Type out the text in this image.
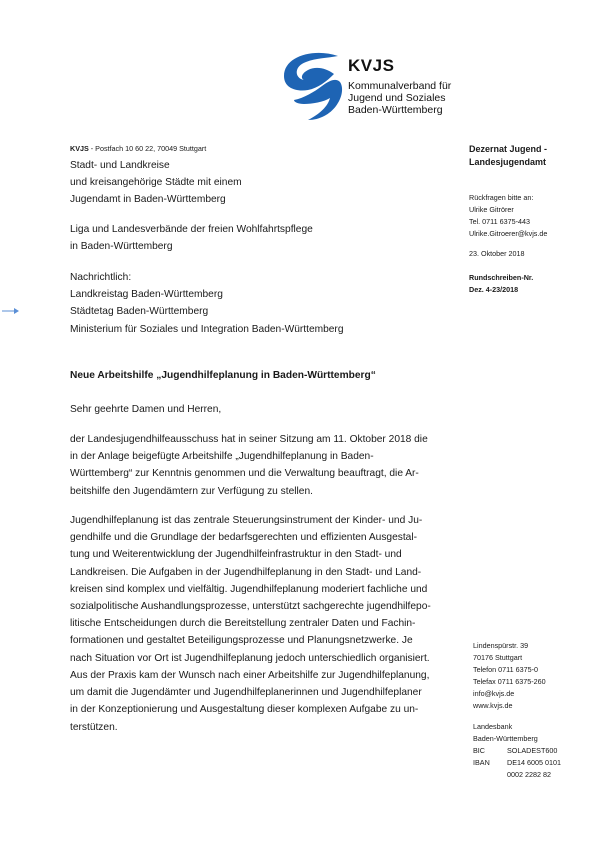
KVJS
Kommunalverband für
Jugend und Soziales
Baden-Württemberg
KVJS - Postfach 10 60 22, 70049 Stuttgart
Stadt- und Landkreise
und kreisangehörige Städte mit einem
Jugendamt in Baden-Württemberg
Liga und Landesverbände der freien Wohlfahrtspflege
in Baden-Württemberg
Nachrichtlich:
Landkreistag Baden-Württemberg
Städtetag Baden-Württemberg
Ministerium für Soziales und Integration Baden-Württemberg
Dezernat Jugend -
Landesjugendamt
Rückfragen bitte an:
Ulrike Gitrörer
Tel. 0711 6375-443
Ulrike.Gitroerer@kvjs.de
23. Oktober 2018
Rundschreiben-Nr.
Dez. 4-23/2018
Neue Arbeitshilfe „Jugendhilfeplanung in Baden-Württemberg“
Sehr geehrte Damen und Herren,
der Landesjugendhilfeausschuss hat in seiner Sitzung am 11. Oktober 2018 die
in der Anlage beigefügte Arbeitshilfe „Jugendhilfeplanung in Baden-
Württemberg“ zur Kenntnis genommen und die Verwaltung beauftragt, die Ar-
beitshilfe den Jugendämtern zur Verfügung zu stellen.
Jugendhilfeplanung ist das zentrale Steuerungsinstrument der Kinder- und Ju-
gendhilfe und die Grundlage der bedarfsgerechten und effizienten Ausgestal-
tung und Weiterentwicklung der Jugendhilfeinfrastruktur in den Stadt- und
Landkreisen. Die Aufgaben in der Jugendhilfeplanung in den Stadt- und Land-
kreisen sind komplex und vielfältig. Jugendhilfeplanung moderiert fachliche und
sozialpolitische Aushandlungsprozesse, unterstützt sachgerechte jugendhilfepo-
litische Entscheidungen durch die Bereitstellung zentraler Daten und Fachin-
formationen und gestaltet Beteiligungsprozesse und Planungsnetzwerke. Je
nach Situation vor Ort ist Jugendhilfeplanung jedoch unterschiedlich organisiert.
Aus der Praxis kam der Wunsch nach einer Arbeitshilfe zur Jugendhilfeplanung,
um damit die Jugendämter und Jugendhilfeplanerinnen und Jugendhilfeplaner
in der Konzeptionierung und Ausgestaltung dieser komplexen Aufgabe zu un-
terstützen.
Lindenspürstr. 39
70176 Stuttgart
Telefon 0711 6375-0
Telefax 0711 6375-260
info@kvjs.de
www.kvjs.de
Landesbank
Baden-Württemberg
BIC	SOLADEST600
IBAN	DE14 6005 0101
0002 2282 82
